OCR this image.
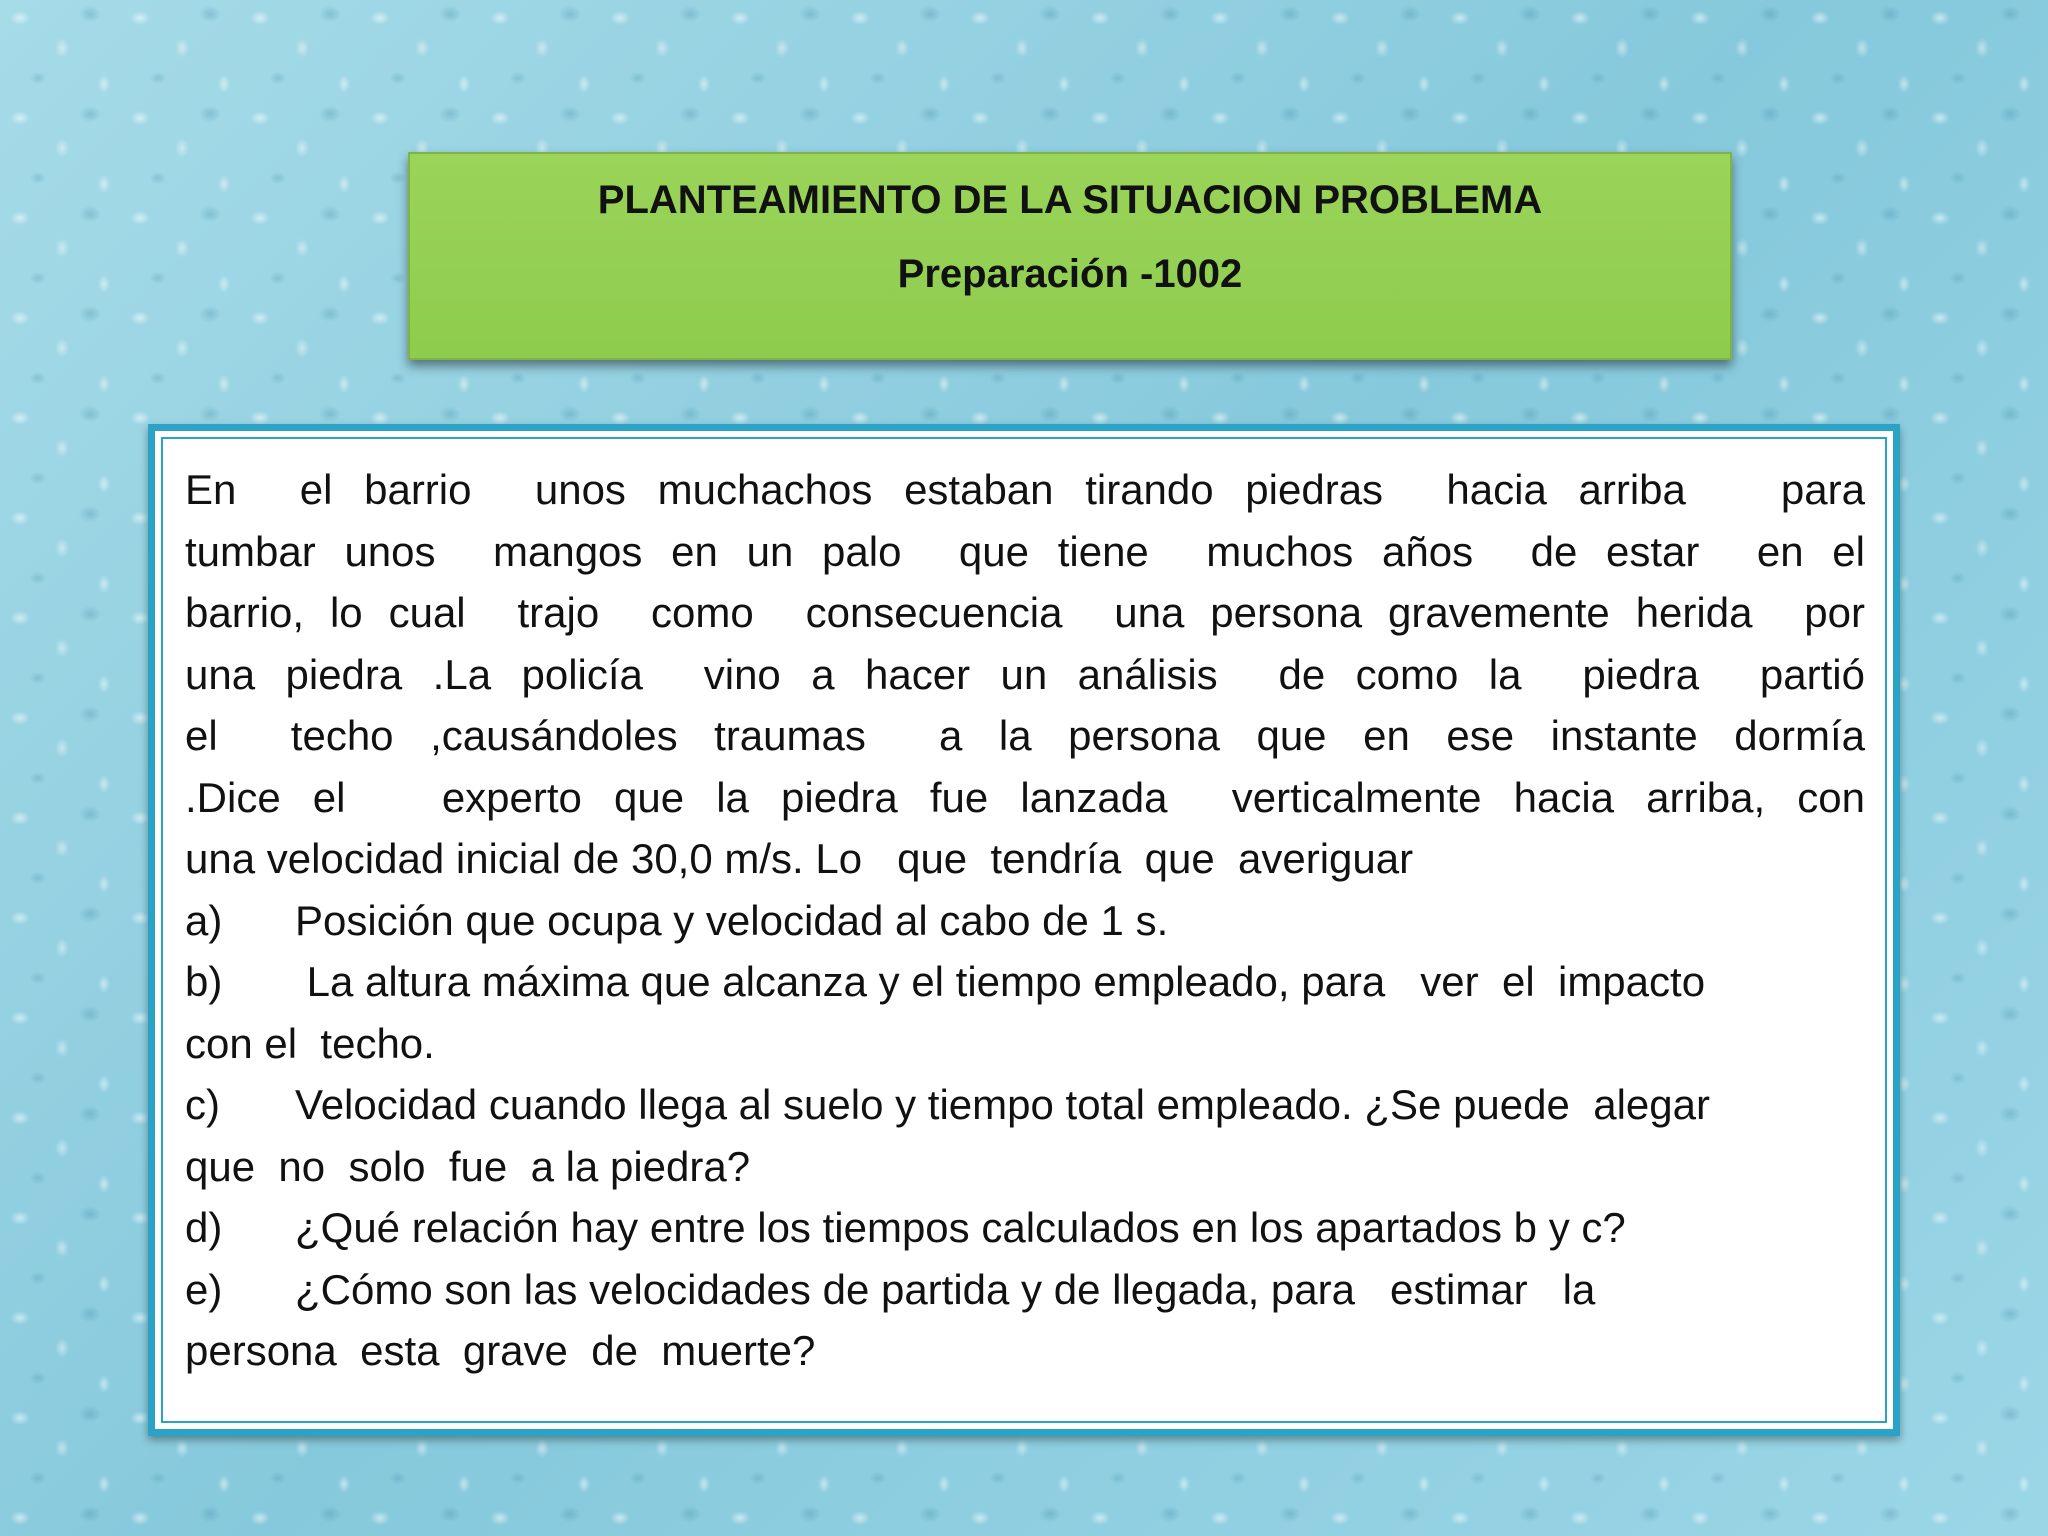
PLANTEAMIENTO DE LA SITUACION PROBLEMA
Preparación -1002
En  el barrio  unos muchachos estaban tirando piedras  hacia arriba   para
tumbar unos  mangos en un palo  que tiene  muchos años  de estar  en el
barrio, lo cual  trajo  como  consecuencia  una persona gravemente herida  por
una piedra .La policía  vino a hacer un análisis  de como la  piedra  partió
el  techo ,causándoles traumas  a la persona que en ese instante dormía
.Dice el   experto que la piedra fue lanzada  verticalmente hacia arriba, con
una velocidad inicial de 30,0 m/s. Lo   que  tendría  que  averiguar
a) Posición que ocupa y velocidad al cabo de 1 s.
b) La altura máxima que alcanza y el tiempo empleado, para   ver  el  impacto
con el  techo.
c) Velocidad cuando llega al suelo y tiempo total empleado. ¿Se puede  alegar
que  no  solo  fue  a la piedra?
d) ¿Qué relación hay entre los tiempos calculados en los apartados b y c?
e) ¿Cómo son las velocidades de partida y de llegada, para   estimar   la
persona  esta  grave  de  muerte?
